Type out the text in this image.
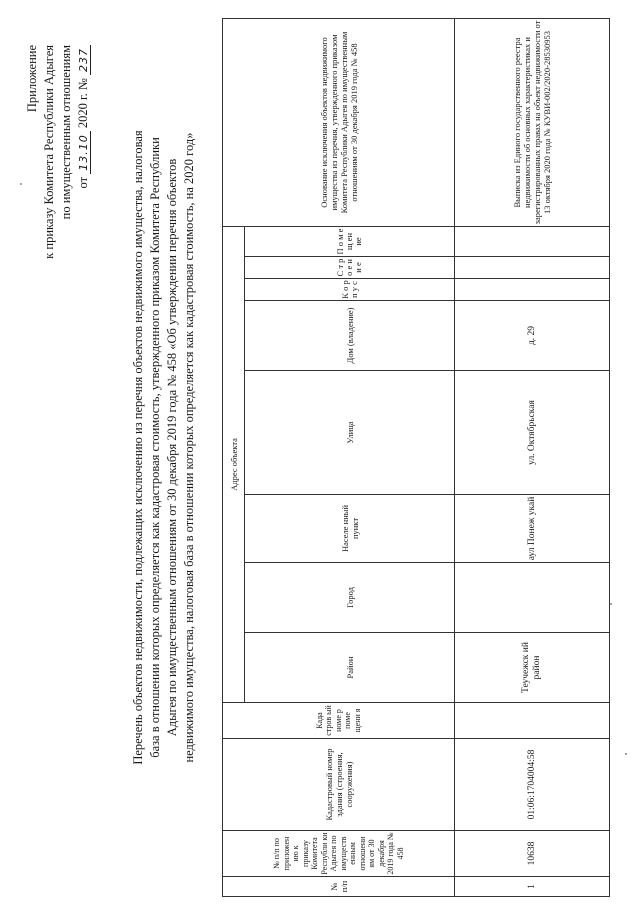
Приложение к приказу Комитета Республики Адыгея по имущественным отношениям от 13.10 2020 г. № 237
Перечень объектов недвижимости, подлежащих исключению из перечня объектов недвижимого имущества, налоговая база в отношении которых определяется как кадастровая стоимость, утвержденного приказом Комитета Республики Адыгея по имущественным отношениям от 30 декабря 2019 года № 458 «Об утверждении перечня объектов недвижимого имущества, налоговая база в отношении которых определяется как кадастровая стоимость, на 2020 год»
№ п/п	№ п/п по приложен ию к приказу Комитета Республи ки Адыгея по имуществ енным отношени ям от 30 декабря 2019 года № 458	Кадастровый номер здания (строения, сооружения)	Када стров ый номе р поме щени я	Адрес объекта								Основание исключения объектов недвижимого имущества из перечня, утвержденного приказом Комитета Республики Адыгея по имущественным отношениям от 30 декабря 2019 года № 458
				Район	Город	Населе нный пункт	Улица	Дом (владение)	К о р п у с	С т р о е н и е	П о м е щ ен ие	
1	10638	01:06:1704004:58		Теучежск ий район		аул Понеж укай	ул. Октябрьская	д. 29				Выписка из Единого государственного реестра недвижимости об основных характеристиках и зарегистрированных правах на объект недвижимости от 13 октября 2020 года № КУВИ-002/2020-28530953
